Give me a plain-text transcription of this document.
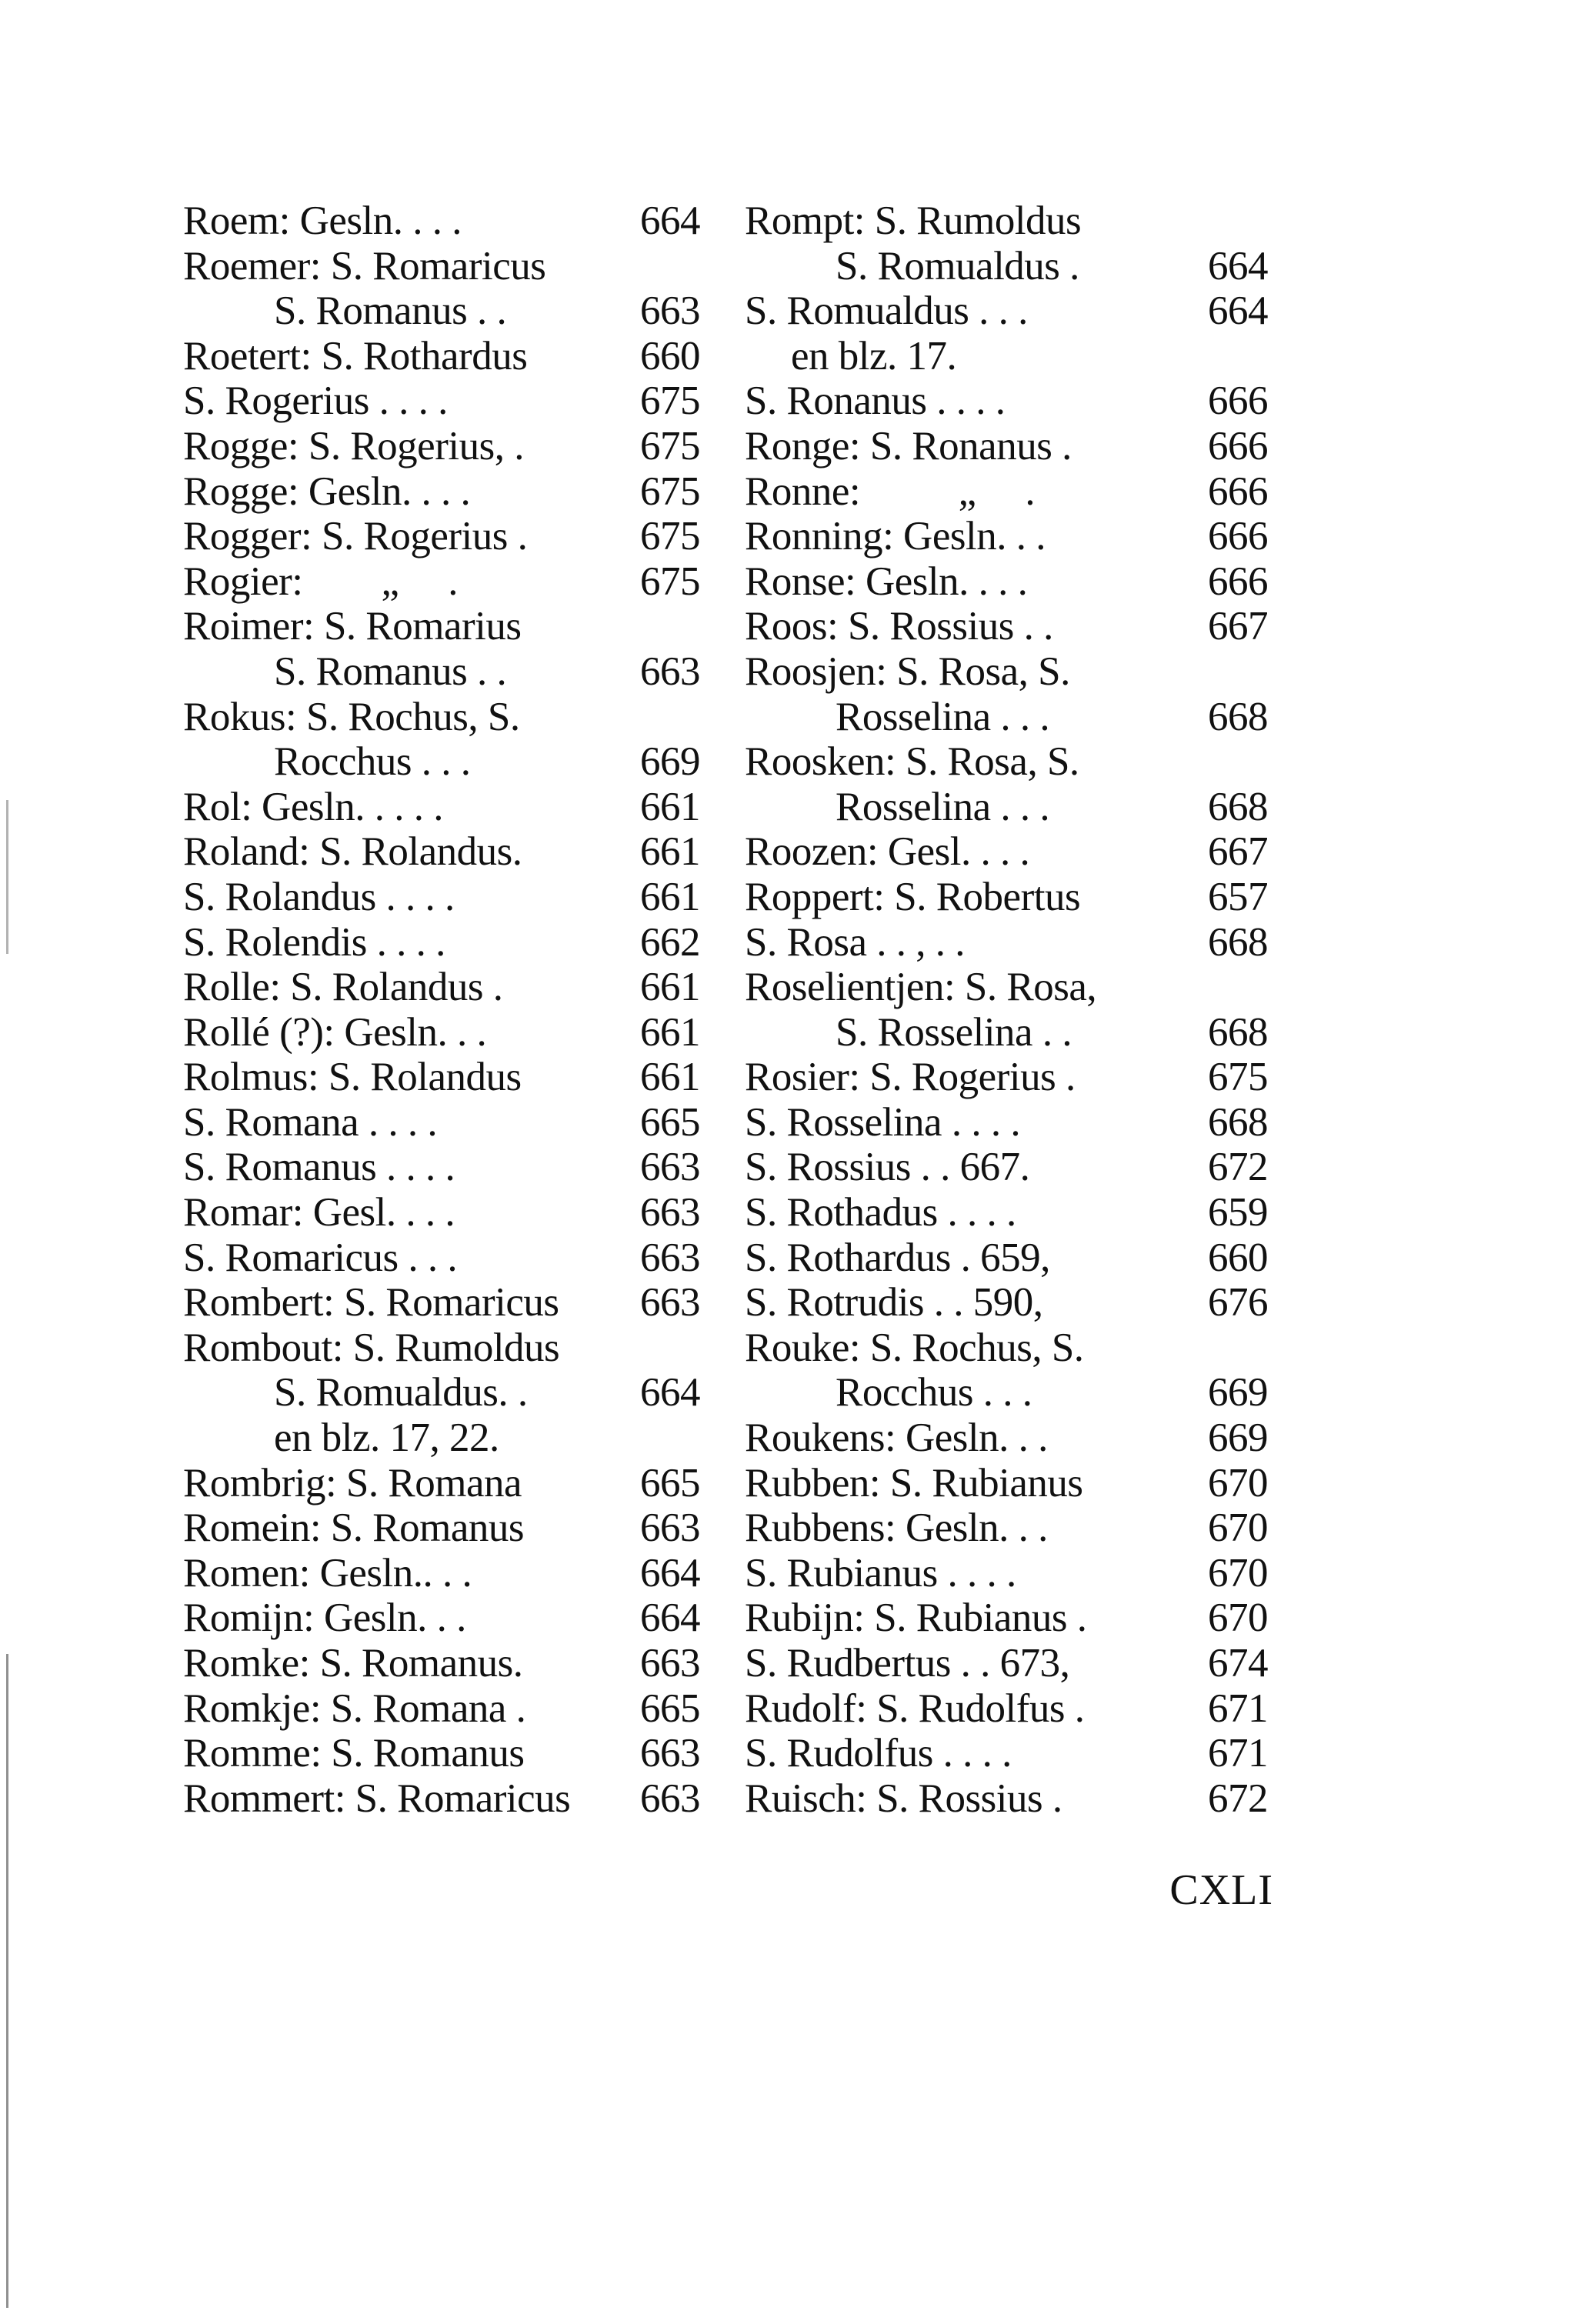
Roem: Gesln. . . .	664
Roemer: S. Romaricus
S. Romanus . .	663
Roetert: S. Rothardus	660
S. Rogerius . . . .	675
Rogge: S. Rogerius, .	675
Rogge: Gesln. . . .	675
Rogger: S. Rogerius .	675
Rogier:        „     .	675
Roimer: S. Romarius
S. Romanus . .	663
Rokus: S. Rochus, S.
Rocchus . . .	669
Rol: Gesln. . . . .	661
Roland: S. Rolandus.	661
S. Rolandus . . . .	661
S. Rolendis . . . .	662
Rolle: S. Rolandus .	661
Rollé (?): Gesln. . .	661
Rolmus: S. Rolandus	661
S. Romana . . . .	665
S. Romanus . . . .	663
Romar: Gesl. . . .	663
S. Romaricus . . .	663
Rombert: S. Romaricus 663
Rombout: S. Rumoldus
S. Romualdus. .	664
en blz. 17, 22.
Rombrig: S. Romana	665
Romein: S. Romanus	663
Romen: Gesln.. . .	664
Romijn: Gesln. . .	664
Romke: S. Romanus.	663
Romkje: S. Romana .	665
Romme: S. Romanus	663
Rommert: S. Romaricus 663
Rompt: S. Rumoldus
S. Romualdus .	664
S. Romualdus . . .	664
en blz. 17.
S. Ronanus . . . .	666
Ronge: S. Ronanus .	666
Ronne:          „     .	666
Ronning: Gesln. . .	666
Ronse: Gesln. . . .	666
Roos: S. Rossius . .	667
Roosjen: S. Rosa, S.
Rosselina . . .	668
Roosken: S. Rosa, S.
Rosselina . . .	668
Roozen: Gesl. . . .	667
Roppert: S. Robertus	657
S. Rosa . . , . .	668
Roselientjen: S. Rosa,
S. Rosselina . .	668
Rosier: S. Rogerius .	675
S. Rosselina . . . .	668
S. Rossius . . 667.	672
S. Rothadus . . . .	659
S. Rothardus . 659,	660
S. Rotrudis . . 590,	676
Rouke: S. Rochus, S.
Rocchus . . .	669
Roukens: Gesln. . .	669
Rubben: S. Rubianus	670
Rubbens: Gesln. . .	670
S. Rubianus . . . .	670
Rubijn: S. Rubianus .	670
S. Rudbertus . . 673,	674
Rudolf: S. Rudolfus .	671
S. Rudolfus . . . .	671
Ruisch: S. Rossius .	672
CXLI
